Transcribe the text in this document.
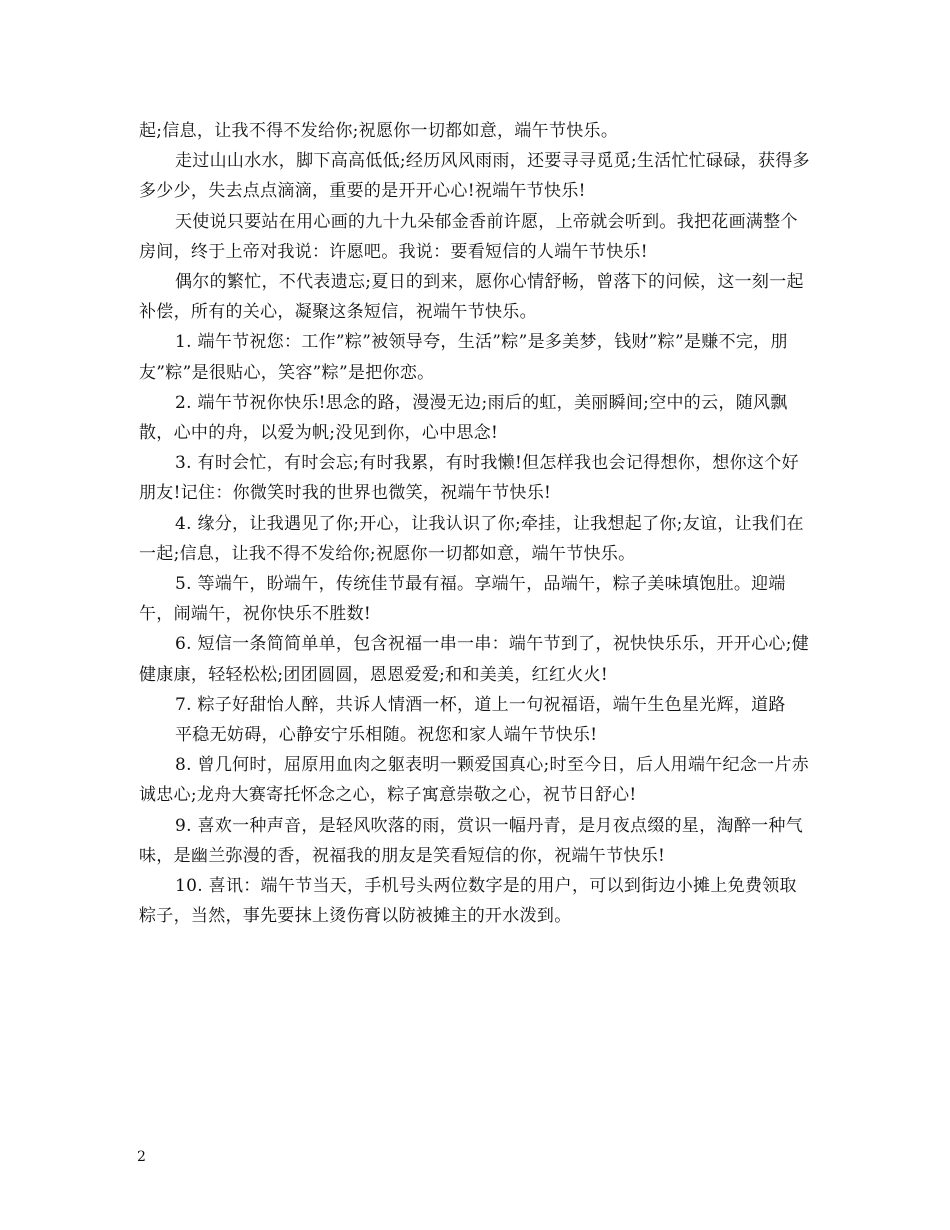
起;信息，让我不得不发给你;祝愿你一切都如意，端午节快乐。

走过山山水水，脚下高高低低;经历风风雨雨，还要寻寻觅觅;生活忙忙碌碌，获得多多少少，失去点点滴滴，重要的是开开心心!祝端午节快乐!

天使说只要站在用心画的九十九朵郁金香前许愿，上帝就会听到。我把花画满整个房间，终于上帝对我说：许愿吧。我说：要看短信的人端午节快乐!

偶尔的繁忙，不代表遗忘;夏日的到来，愿你心情舒畅，曾落下的问候，这一刻一起补偿，所有的关心，凝聚这条短信，祝端午节快乐。

1. 端午节祝您：工作”粽”被领导夸，生活”粽”是多美梦，钱财”粽”是赚不完，朋友”粽”是很贴心，笑容”粽”是把你恋。

2. 端午节祝你快乐!思念的路，漫漫无边;雨后的虹，美丽瞬间;空中的云，随风飘散，心中的舟，以爱为帆;没见到你，心中思念!

3. 有时会忙，有时会忘;有时我累，有时我懒!但怎样我也会记得想你，想你这个好朋友!记住：你微笑时我的世界也微笑，祝端午节快乐!

4. 缘分，让我遇见了你;开心，让我认识了你;牵挂，让我想起了你;友谊，让我们在一起;信息，让我不得不发给你;祝愿你一切都如意，端午节快乐。

5. 等端午，盼端午，传统佳节最有福。享端午，品端午，粽子美味填饱肚。迎端午，闹端午，祝你快乐不胜数!

6. 短信一条简简单单，包含祝福一串一串：端午节到了，祝快快乐乐，开开心心;健健康康，轻轻松松;团团圆圆，恩恩爱爱;和和美美，红红火火!

7. 粽子好甜怡人醉，共诉人情酒一杯，道上一句祝福语，端午生色星光辉，道路

平稳无妨碍，心静安宁乐相随。祝您和家人端午节快乐!

8. 曾几何时，屈原用血肉之躯表明一颗爱国真心;时至今日，后人用端午纪念一片赤诚忠心;龙舟大赛寄托怀念之心，粽子寓意崇敬之心，祝节日舒心!

9. 喜欢一种声音，是轻风吹落的雨，赏识一幅丹青，是月夜点缀的星，淘醉一种气味，是幽兰弥漫的香，祝福我的朋友是笑看短信的你，祝端午节快乐!

10. 喜讯：端午节当天，手机号头两位数字是的用户，可以到街边小摊上免费领取粽子，当然，事先要抹上烫伤膏以防被摊主的开水泼到。

2
